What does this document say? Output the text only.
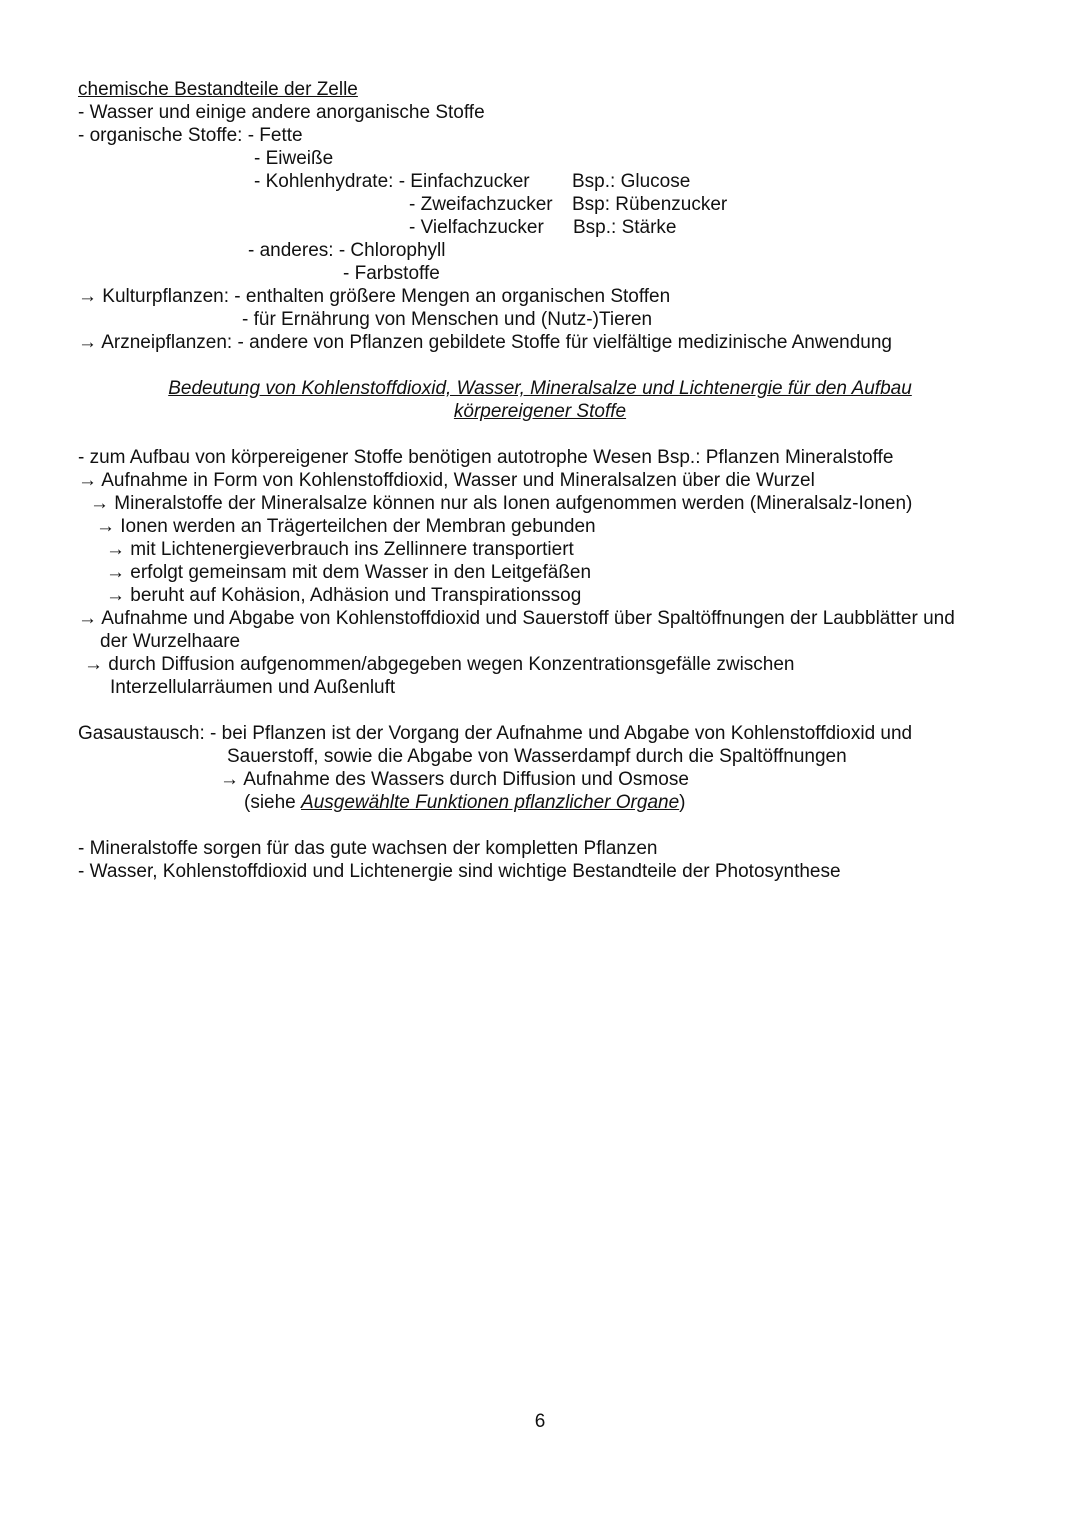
chemische Bestandteile der Zelle
- Wasser und einige andere anorganische Stoffe
- organische Stoffe: - Fette
- Eiweiße
- Kohlenhydrate: - Einfachzucker Bsp.: Glucose
- Zweifachzucker Bsp: Rübenzucker
- Vielfachzucker Bsp.: Stärke
- anderes: - Chlorophyll
- Farbstoffe
→ Kulturpflanzen: - enthalten größere Mengen an organischen Stoffen
- für Ernährung von Menschen und (Nutz-)Tieren
→ Arzneipflanzen: - andere von Pflanzen gebildete Stoffe für vielfältige medizinische Anwendung
Bedeutung von Kohlenstoffdioxid, Wasser, Mineralsalze und Lichtenergie für den Aufbau
körpereigener Stoffe
- zum Aufbau von körpereigener Stoffe benötigen autotrophe Wesen Bsp.: Pflanzen Mineralstoffe
→ Aufnahme in Form von Kohlenstoffdioxid, Wasser und Mineralsalzen über die Wurzel
→ Mineralstoffe der Mineralsalze können nur als Ionen aufgenommen werden (Mineralsalz-Ionen)
→ Ionen werden an Trägerteilchen der Membran gebunden
→ mit Lichtenergieverbrauch ins Zellinnere transportiert
→ erfolgt gemeinsam mit dem Wasser in den Leitgefäßen
→ beruht auf Kohäsion, Adhäsion und Transpirationssog
→ Aufnahme und Abgabe von Kohlenstoffdioxid und Sauerstoff über Spaltöffnungen der Laubblätter und
der Wurzelhaare
→ durch Diffusion aufgenommen/abgegeben wegen Konzentrationsgefälle zwischen
Interzellularräumen und Außenluft
Gasaustausch: - bei Pflanzen ist der Vorgang der Aufnahme und Abgabe von Kohlenstoffdioxid und
Sauerstoff, sowie die Abgabe von Wasserdampf durch die Spaltöffnungen
→ Aufnahme des Wassers durch Diffusion und Osmose
(siehe Ausgewählte Funktionen pflanzlicher Organe)
- Mineralstoffe sorgen für das gute wachsen der kompletten Pflanzen
- Wasser, Kohlenstoffdioxid und Lichtenergie sind wichtige Bestandteile der Photosynthese
6
